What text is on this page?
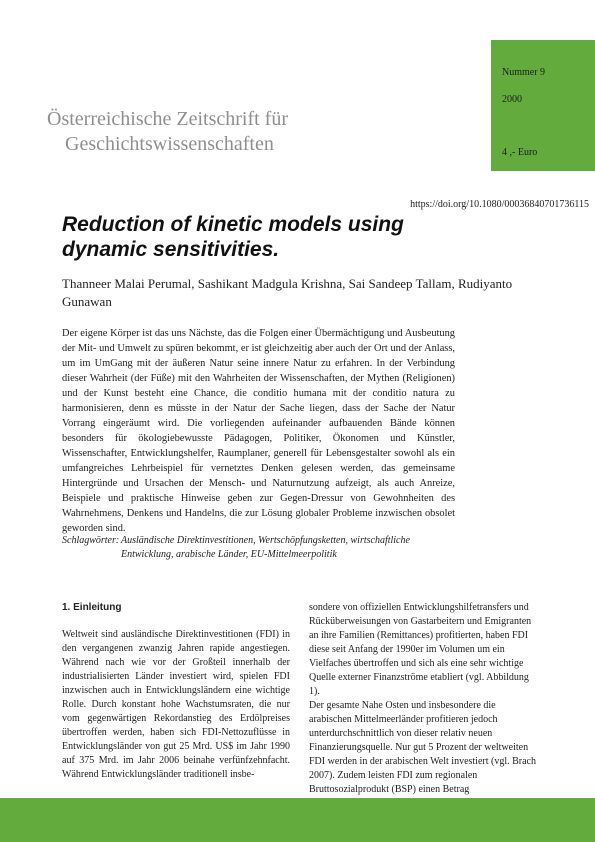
Nummer 9
2000
4 ,- Euro
Österreichische Zeitschrift für
Geschichtswissenschaften
https://doi.org/10.1080/00036840701736115
Reduction of kinetic models using dynamic sensitivities.
Thanneer Malai Perumal, Sashikant Madgula Krishna, Sai Sandeep Tallam, Rudiyanto Gunawan

Der eigene Körper ist das uns Nächste, das die Folgen einer Übermächtigung und Ausbeutung der Mit- und Umwelt zu spüren bekommt, er ist gleichzeitig aber auch der Ort und der Anlass, um im UmGang mit der äußeren Natur seine innere Natur zu erfahren. In der Verbindung dieser Wahrheit (der Füße) mit den Wahrheiten der Wissenschaften, der Mythen (Religionen) und der Kunst besteht eine Chance, die conditio humana mit der conditio natura zu harmonisieren, denn es müsste in der Natur der Sache liegen, dass der Sache der Natur Vorrang eingeräumt wird. Die vorliegenden aufeinander aufbauenden Bände können besonders für ökologiebewusste Pädagogen, Politiker, Ökonomen und Künstler, Wissenschafter, Entwicklungshelfer, Raumplaner, generell für Lebensgestalter sowohl als ein umfangreiches Lehrbeispiel für vernetztes Denken gelesen werden, das gemeinsame Hintergründe und Ursachen der Mensch- und Naturnutzung aufzeigt, als auch Anreize, Beispiele und praktische Hinweise geben zur Gegen-Dressur von Gewohnheiten des Wahrnehmens, Denkens und Handelns, die zur Lösung globaler Probleme inzwischen obsolet geworden sind.

Schlagwörter: Ausländische Direktinvestitionen, Wertschöpfungsketten, wirtschaftliche Entwicklung, arabische Länder, EU-Mittelmeerpolitik
1. Einleitung

Weltweit sind ausländische Direktinvestitionen (FDI) in den vergangenen zwanzig Jahren rapide angestiegen. Während nach wie vor der Großteil innerhalb der industrialisierten Länder investiert wird, spielen FDI inzwischen auch in Entwicklungsländern eine wichtige Rolle. Durch konstant hohe Wachstumsraten, die nur vom gegenwärtigen Rekordanstieg des Erdölpreises übertroffen werden, haben sich FDI-Nettozuflüsse in Entwicklungsländer von gut 25 Mrd. US$ im Jahr 1990 auf 375 Mrd. im Jahr 2006 beinahe verfünfzehnfacht. Während Entwicklungsländer traditionell insbe-

sondere von offiziellen Entwicklungshilfetransfers und Rücküberweisungen von Gastarbeitern und Emigranten an ihre Familien (Remittances) profitierten, haben FDI diese seit Anfang der 1990er im Volumen um ein Vielfaches übertroffen und sich als eine sehr wichtige Quelle externer Finanzströme etabliert (vgl. Abbildung 1).

Der gesamte Nahe Osten und insbesondere die arabischen Mittelmeerländer profitieren jedoch unterdurchschnittlich von dieser relativ neuen Finanzierungsquelle. Nur gut 5 Prozent der weltweiten FDI werden in der arabischen Welt investiert (vgl. Brach 2007). Zudem leisten FDI zum regionalen Bruttosozialprodukt (BSP) einen Betrag
